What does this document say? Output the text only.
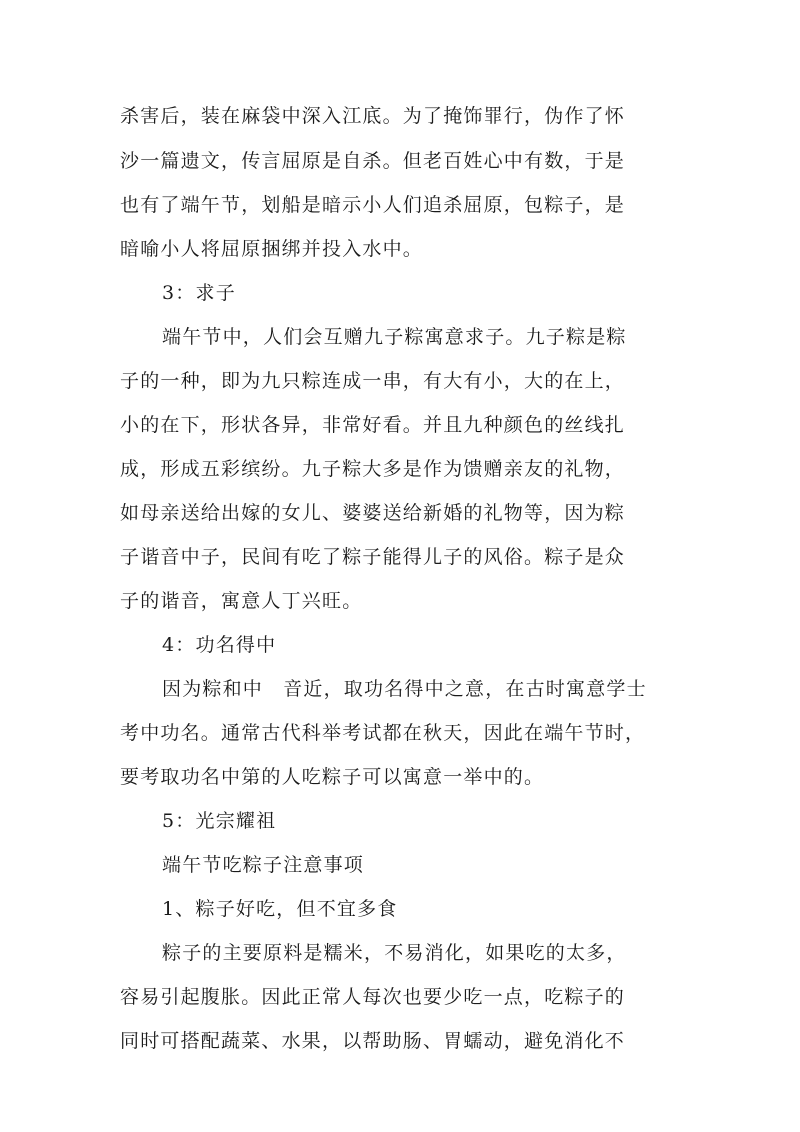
杀害后，装在麻袋中深入江底。为了掩饰罪行，伪作了怀
沙一篇遗文，传言屈原是自杀。但老百姓心中有数，于是
也有了端午节，划船是暗示小人们追杀屈原，包粽子，是
暗喻小人将屈原捆绑并投入水中。
3：求子
端午节中，人们会互赠九子粽寓意求子。九子粽是粽
子的一种，即为九只粽连成一串，有大有小，大的在上，
小的在下，形状各异，非常好看。并且九种颜色的丝线扎
成，形成五彩缤纷。九子粽大多是作为馈赠亲友的礼物，
如母亲送给出嫁的女儿、婆婆送给新婚的礼物等，因为粽
子谐音中子，民间有吃了粽子能得儿子的风俗。粽子是众
子的谐音，寓意人丁兴旺。
4：功名得中
因为粽和中　音近，取功名得中之意，在古时寓意学士
考中功名。通常古代科举考试都在秋天，因此在端午节时，
要考取功名中第的人吃粽子可以寓意一举中的。
5：光宗耀祖
端午节吃粽子注意事项
1、粽子好吃，但不宜多食
粽子的主要原料是糯米，不易消化，如果吃的太多，
容易引起腹胀。因此正常人每次也要少吃一点，吃粽子的
同时可搭配蔬菜、水果，以帮助肠、胃蠕动，避免消化不
